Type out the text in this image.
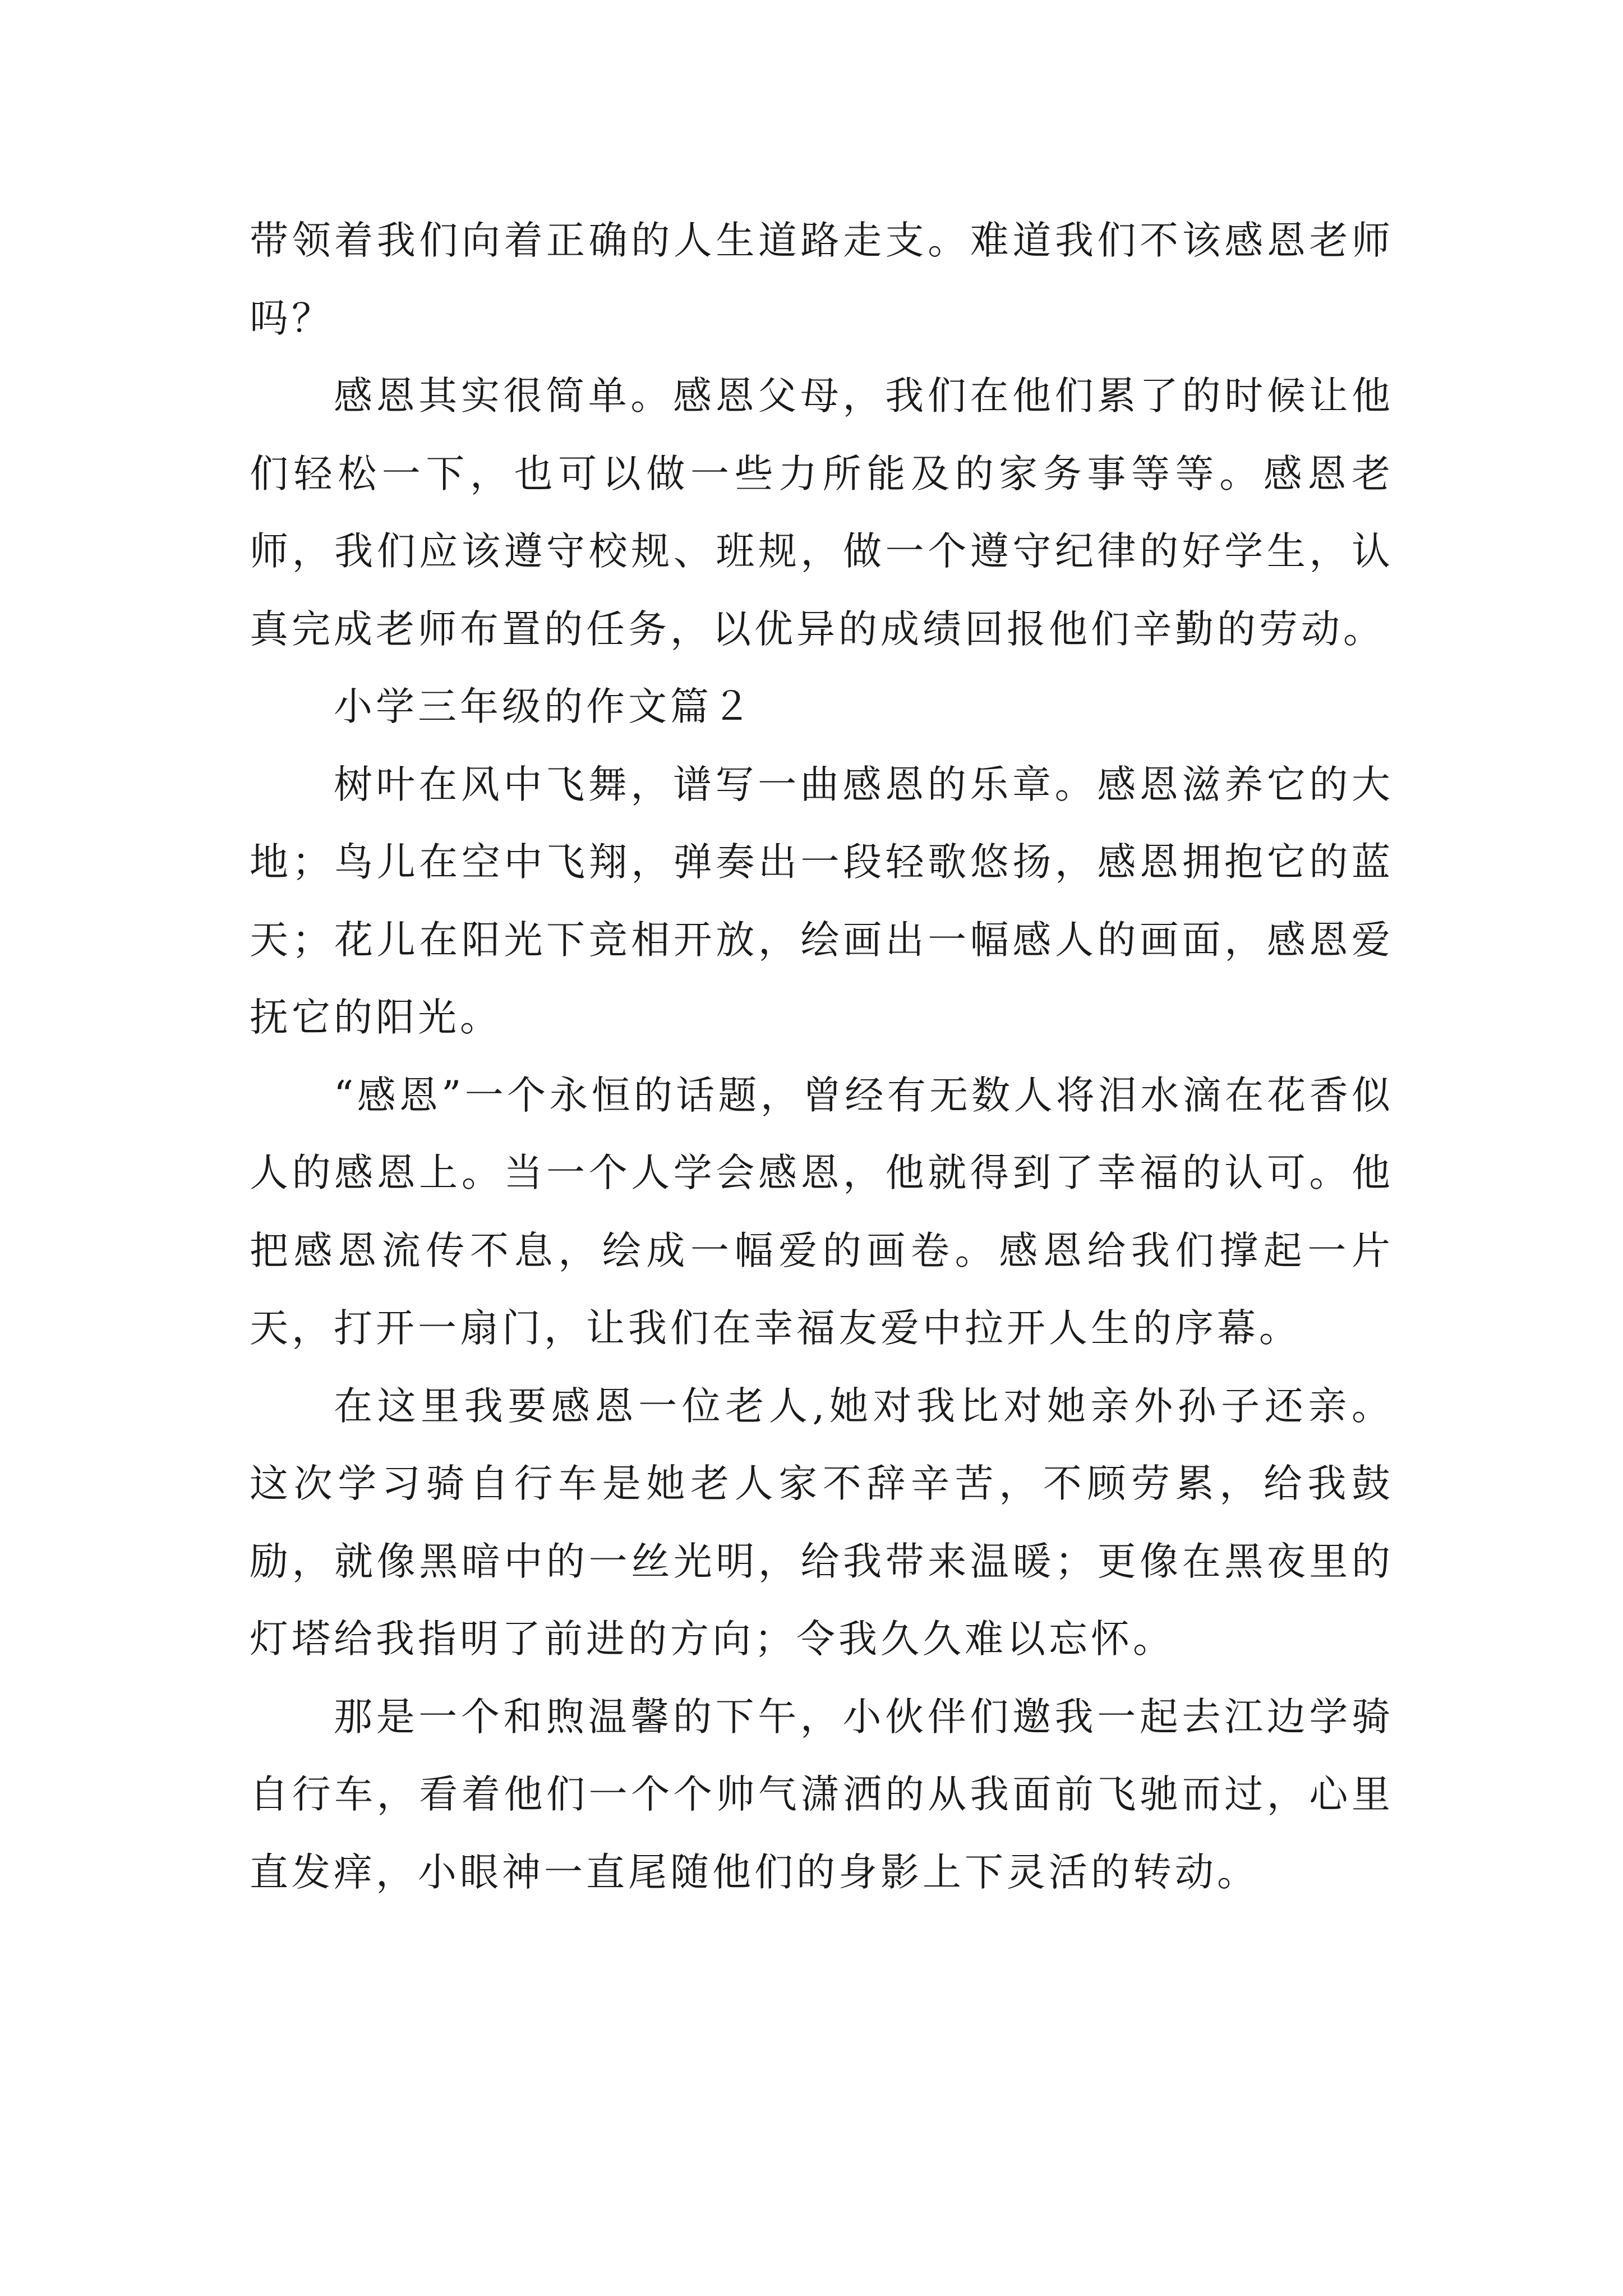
带领着我们向着正确的人生道路走支。难道我们不该感恩老师吗？

感恩其实很简单。感恩父母，我们在他们累了的时候让他们轻松一下，也可以做一些力所能及的家务事等等。感恩老师，我们应该遵守校规、班规，做一个遵守纪律的好学生，认真完成老师布置的任务，以优异的成绩回报他们辛勤的劳动。

小学三年级的作文篇２

树叶在风中飞舞，谱写一曲感恩的乐章。感恩滋养它的大地；鸟儿在空中飞翔，弹奏出一段轻歌悠扬，感恩拥抱它的蓝天；花儿在阳光下竞相开放，绘画出一幅感人的画面，感恩爱抚它的阳光。

“感恩”一个永恒的话题，曾经有无数人将泪水滴在花香似人的感恩上。当一个人学会感恩，他就得到了幸福的认可。他把感恩流传不息，绘成一幅爱的画卷。感恩给我们撑起一片天，打开一扇门，让我们在幸福友爱中拉开人生的序幕。

在这里我要感恩一位老人,她对我比对她亲外孙子还亲。这次学习骑自行车是她老人家不辞辛苦，不顾劳累，给我鼓励，就像黑暗中的一丝光明，给我带来温暖；更像在黑夜里的灯塔给我指明了前进的方向；令我久久难以忘怀。

那是一个和煦温馨的下午，小伙伴们邀我一起去江边学骑自行车，看着他们一个个帅气潇洒的从我面前飞驰而过，心里直发痒，小眼神一直尾随他们的身影上下灵活的转动。
